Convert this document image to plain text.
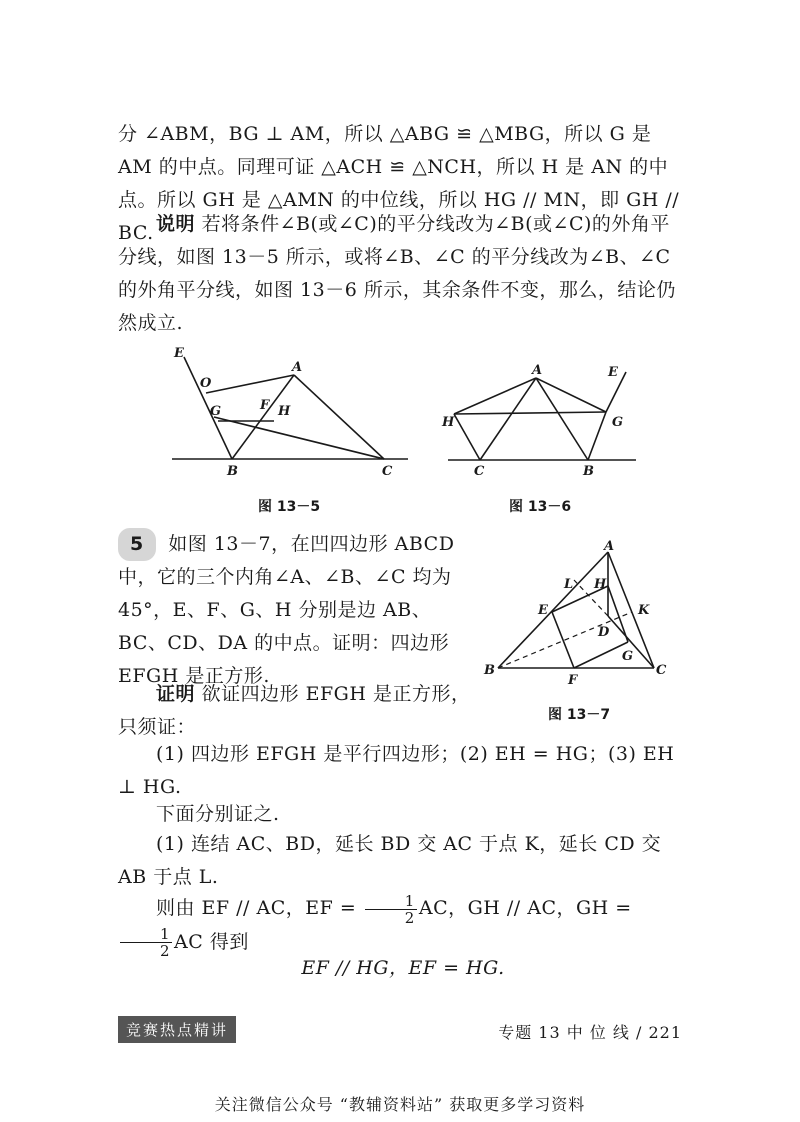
分 ∠ABM，BG ⊥ AM，所以 △ABG ≌ △MBG，所以 G 是 AM 的中点。同理可证 △ACH ≌ △NCH，所以 H 是 AN 的中点。所以 GH 是 △AMN 的中位线，所以 HG // MN，即 GH // BC. 说明 若将条件∠B(或∠C)的平分线改为∠B(或∠C)的外角平分线，如图 13－5 所示，或将∠B、∠C 的平分线改为∠B、∠C 的外角平分线，如图 13－6 所示，其余条件不变，那么，结论仍然成立.

E
O
A
G	F H
B	C
图 13－5
A	E
H	G
C	B
图 13－6

5 如图 13－7，在凹四边形 ABCD 中，它的三个内角∠A、∠B、∠C 均为 45°，E、F、G、H 分别是边 AB、BC、CD、DA 的中点。证明：四边形 EFGH 是正方形.

A
L H
E	K
D
G
B
F
C
图 13－7

证明 欲证四边形 EFGH 是正方形，只须证：

(1) 四边形 EFGH 是平行四边形；(2) EH = HG；(3) EH ⊥ HG.

下面分别证之.

(1) 连结 AC、BD，延长 BD 交 AC 于点 K，延长 CD 交 AB 于点 L.

则由 EF // AC，EF = $\frac{1}{2}$ AC，GH // AC，GH =
$\frac{1}{2}$ AC 得到

EF // HG，EF = HG.

竞赛热点精讲	专题 13 中 位 线 / 221
关注微信公众号 “教辅资料站” 获取更多学习资料
